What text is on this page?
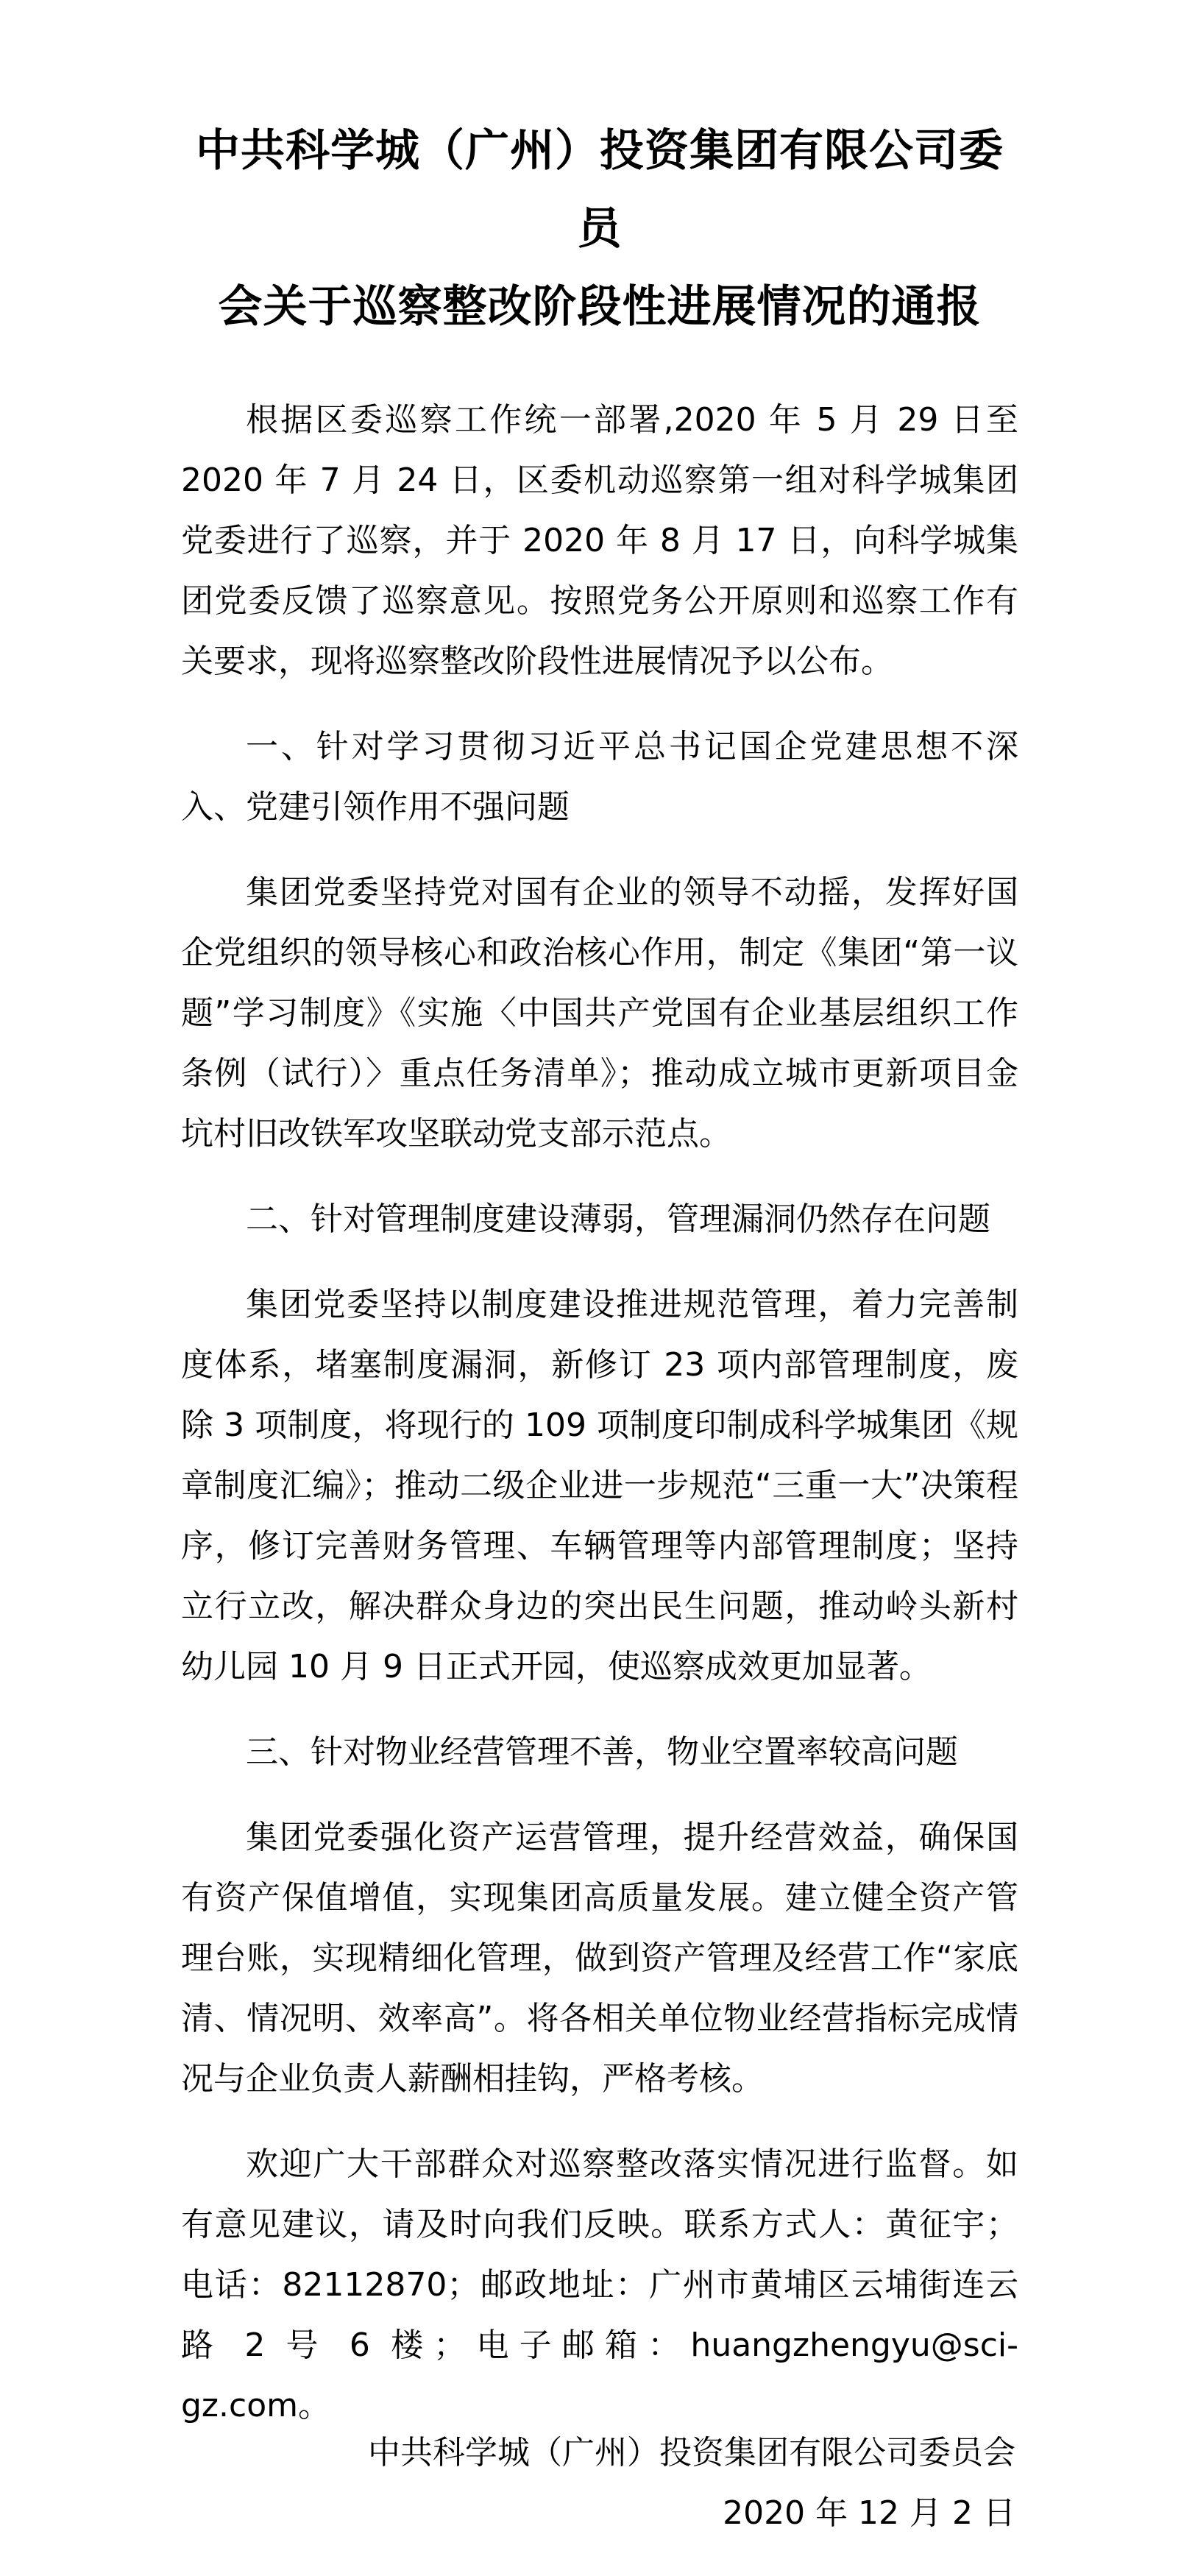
中共科学城（广州）投资集团有限公司委员
会关于巡察整改阶段性进展情况的通报

根据区委巡察工作统一部署,2020 年 5 月 29 日至 2020 年 7 月 24 日，区委机动巡察第一组对科学城集团党委进行了巡察，并于 2020 年 8 月 17 日，向科学城集团党委反馈了巡察意见。按照党务公开原则和巡察工作有关要求，现将巡察整改阶段性进展情况予以公布。

一、针对学习贯彻习近平总书记国企党建思想不深入、党建引领作用不强问题

集团党委坚持党对国有企业的领导不动摇，发挥好国企党组织的领导核心和政治核心作用，制定《集团“第一议题”学习制度》《实施〈中国共产党国有企业基层组织工作条例（试行）〉重点任务清单》；推动成立城市更新项目金坑村旧改铁军攻坚联动党支部示范点。

二、针对管理制度建设薄弱，管理漏洞仍然存在问题

集团党委坚持以制度建设推进规范管理，着力完善制度体系，堵塞制度漏洞，新修订 23 项内部管理制度，废除 3 项制度，将现行的 109 项制度印制成科学城集团《规章制度汇编》；推动二级企业进一步规范“三重一大”决策程序，修订完善财务管理、车辆管理等内部管理制度；坚持立行立改，解决群众身边的突出民生问题，推动岭头新村幼儿园 10 月 9 日正式开园，使巡察成效更加显著。

三、针对物业经营管理不善，物业空置率较高问题

集团党委强化资产运营管理，提升经营效益，确保国有资产保值增值，实现集团高质量发展。建立健全资产管理台账，实现精细化管理，做到资产管理及经营工作“家底清、情况明、效率高”。将各相关单位物业经营指标完成情况与企业负责人薪酬相挂钩，严格考核。

欢迎广大干部群众对巡察整改落实情况进行监督。如有意见建议，请及时向我们反映。联系方式人：黄征宇；电话：82112870；邮政地址：广州市黄埔区云埔街连云路 2 号 6 楼；电子邮箱：huangzhengyu@sci-gz.com。

中共科学城（广州）投资集团有限公司委员会
2020 年 12 月 2 日
